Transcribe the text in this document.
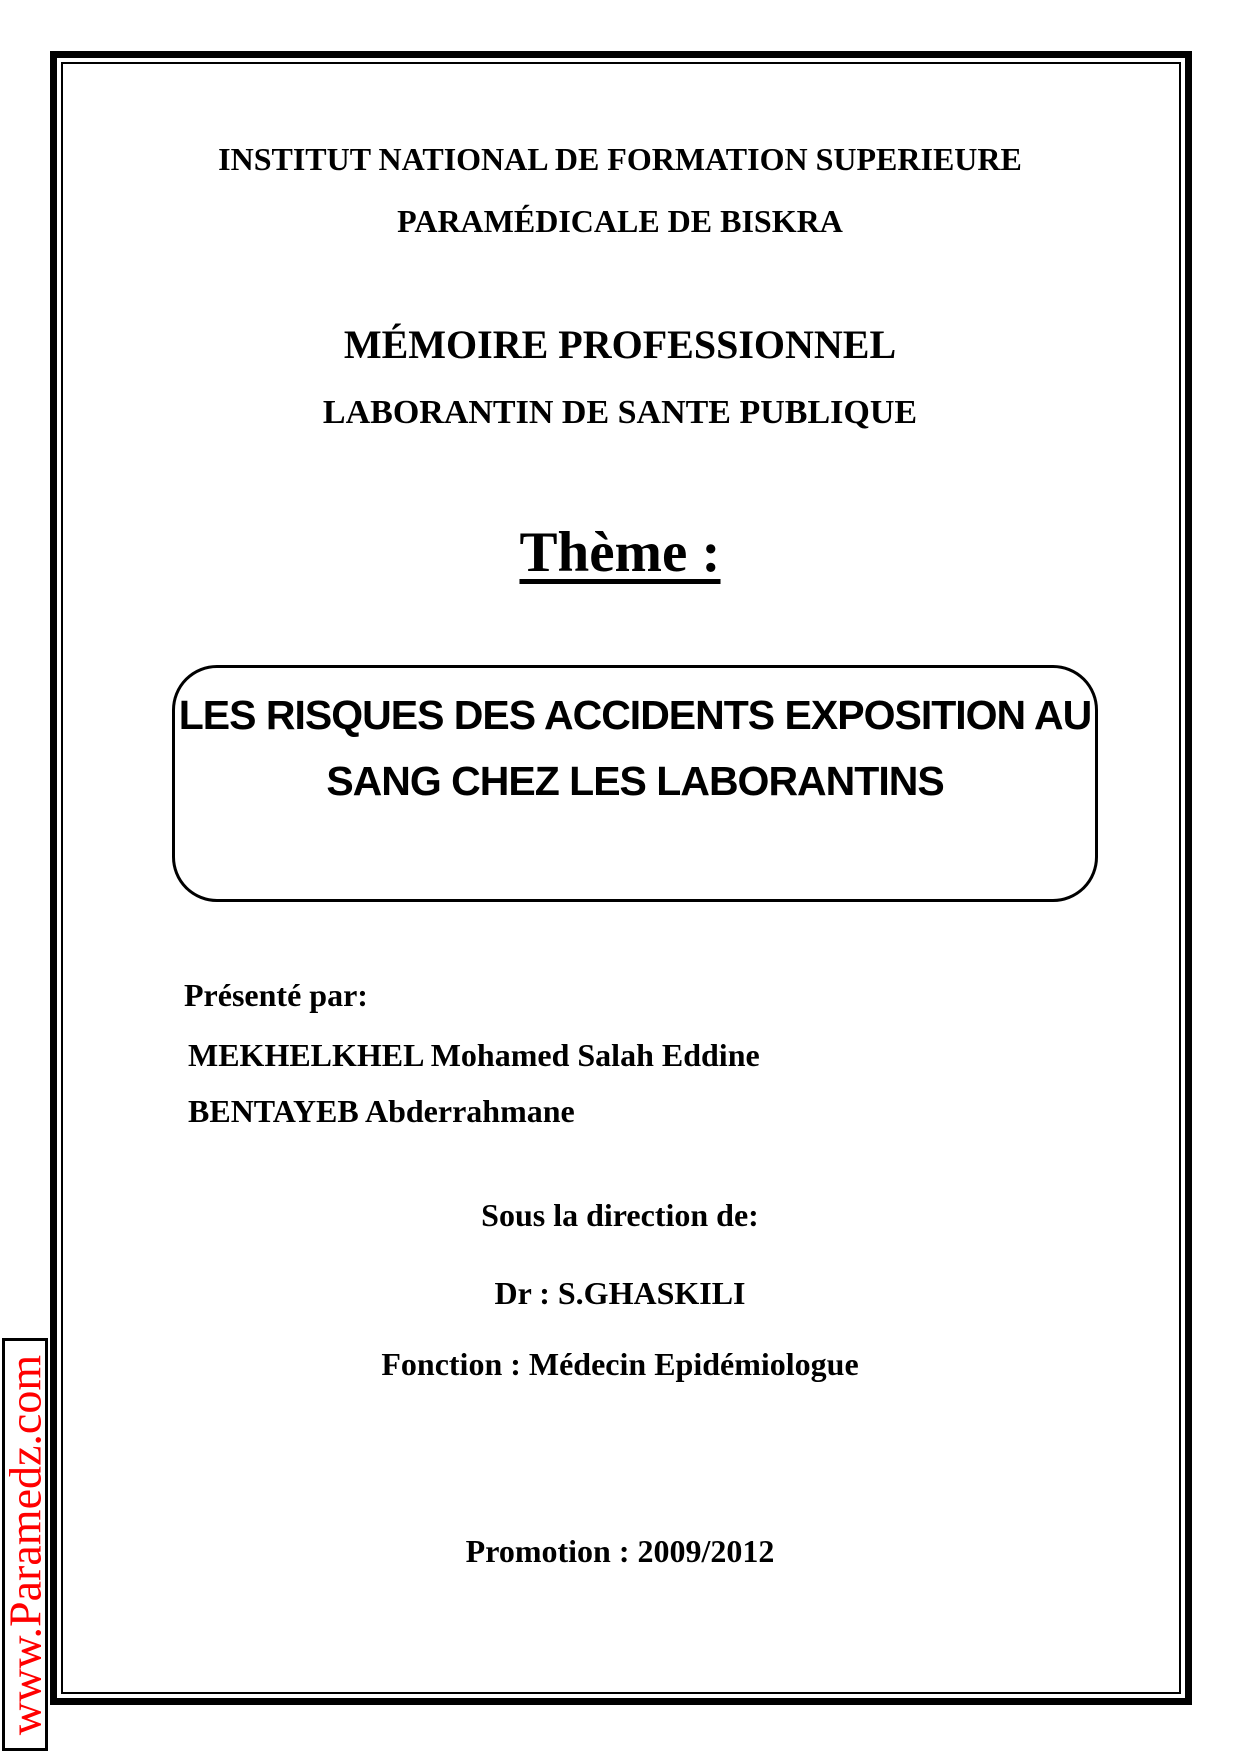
INSTITUT NATIONAL DE FORMATION SUPERIEURE
PARAMÉDICALE DE BISKRA
MÉMOIRE PROFESSIONNEL
LABORANTIN DE SANTE PUBLIQUE
Thème :
LES RISQUES DES ACCIDENTS EXPOSITION AU
SANG CHEZ LES LABORANTINS
Présenté par:
MEKHELKHEL Mohamed Salah Eddine
BENTAYEB Abderrahmane
Sous la direction de:
Dr : S.GHASKILI
Fonction : Médecin Epidémiologue
Promotion : 2009/2012
www.Paramedz.com
